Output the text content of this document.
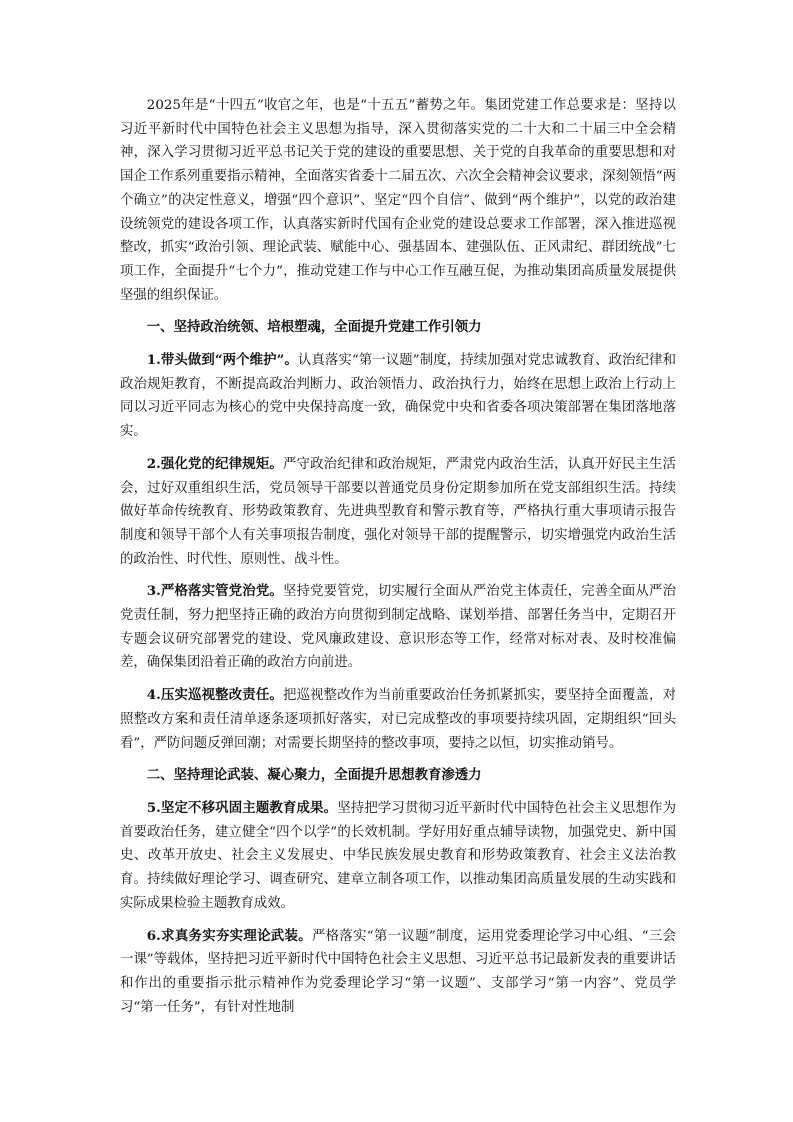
2025年是“十四五”收官之年，也是“十五五”蓄势之年。集团党建工作总要求是：坚持以习近平新时代中国特色社会主义思想为指导，深入贯彻落实党的二十大和二十届三中全会精神，深入学习贯彻习近平总书记关于党的建设的重要思想、关于党的自我革命的重要思想和对国企工作系列重要指示精神，全面落实省委十二届五次、六次全会精神会议要求，深刻领悟“两个确立”的决定性意义，增强“四个意识”、坚定“四个自信”、做到“两个维护”，以党的政治建设统领党的建设各项工作，认真落实新时代国有企业党的建设总要求工作部署，深入推进巡视整改，抓实“政治引领、理论武装、赋能中心、强基固本、建强队伍、正风肃纪、群团统战”七项工作，全面提升“七个力”，推动党建工作与中心工作互融互促，为推动集团高质量发展提供坚强的组织保证。

一、坚持政治统领、培根塑魂，全面提升党建工作引领力

1.带头做到“两个维护”。认真落实“第一议题”制度，持续加强对党忠诚教育、政治纪律和政治规矩教育，不断提高政治判断力、政治领悟力、政治执行力，始终在思想上政治上行动上同以习近平同志为核心的党中央保持高度一致，确保党中央和省委各项决策部署在集团落地落实。

2.强化党的纪律规矩。严守政治纪律和政治规矩，严肃党内政治生活，认真开好民主生活会，过好双重组织生活，党员领导干部要以普通党员身份定期参加所在党支部组织生活。持续做好革命传统教育、形势政策教育、先进典型教育和警示教育等，严格执行重大事项请示报告制度和领导干部个人有关事项报告制度，强化对领导干部的提醒警示，切实增强党内政治生活的政治性、时代性、原则性、战斗性。

3.严格落实管党治党。坚持党要管党，切实履行全面从严治党主体责任，完善全面从严治党责任制，努力把坚持正确的政治方向贯彻到制定战略、谋划举措、部署任务当中，定期召开专题会议研究部署党的建设、党风廉政建设、意识形态等工作，经常对标对表、及时校准偏差，确保集团沿着正确的政治方向前进。

4.压实巡视整改责任。把巡视整改作为当前重要政治任务抓紧抓实，要坚持全面覆盖，对照整改方案和责任清单逐条逐项抓好落实，对已完成整改的事项要持续巩固，定期组织“回头看”，严防问题反弹回潮；对需要长期坚持的整改事项，要持之以恒，切实推动销号。

二、坚持理论武装、凝心聚力，全面提升思想教育渗透力

5.坚定不移巩固主题教育成果。坚持把学习贯彻习近平新时代中国特色社会主义思想作为首要政治任务，建立健全“四个以学”的长效机制。学好用好重点辅导读物，加强党史、新中国史、改革开放史、社会主义发展史、中华民族发展史教育和形势政策教育、社会主义法治教育。持续做好理论学习、调查研究、建章立制各项工作，以推动集团高质量发展的生动实践和实际成果检验主题教育成效。

6.求真务实夯实理论武装。严格落实“第一议题”制度，运用党委理论学习中心组、“三会一课”等载体，坚持把习近平新时代中国特色社会主义思想、习近平总书记最新发表的重要讲话和作出的重要指示批示精神作为党委理论学习“第一议题”、支部学习“第一内容”、党员学习“第一任务”，有针对性地制
